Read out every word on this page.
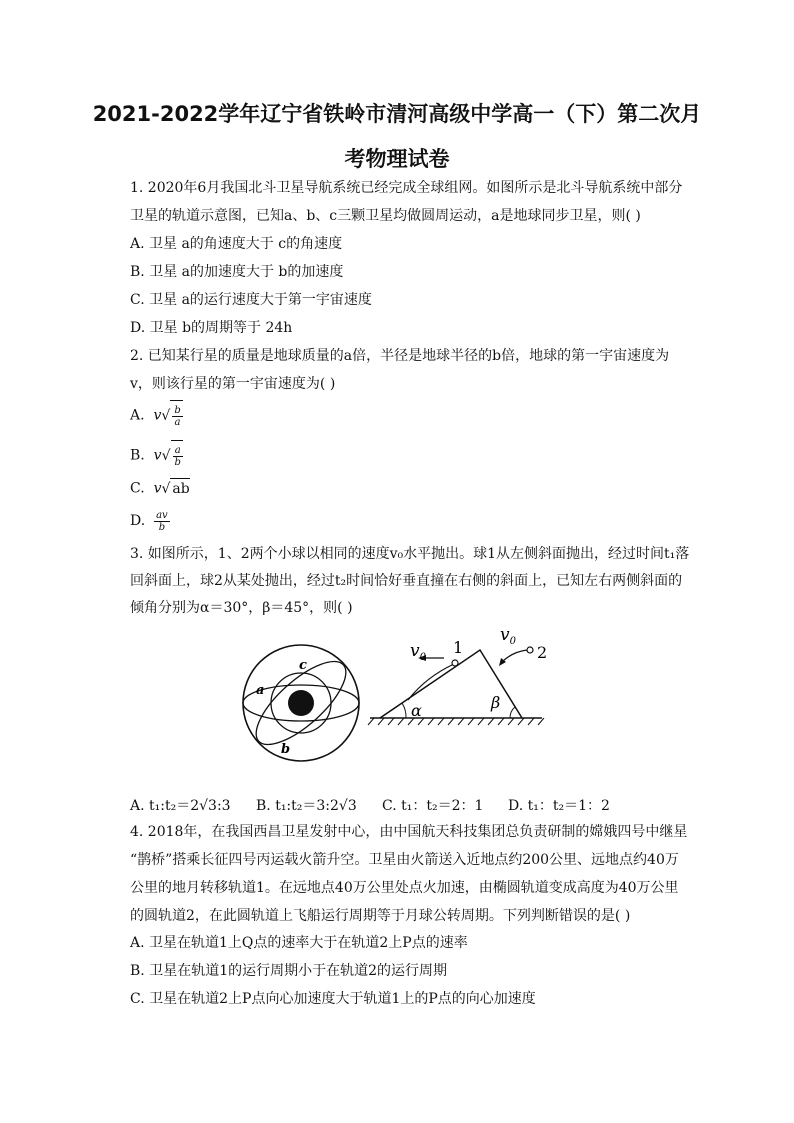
2021-2022学年辽宁省铁岭市清河高级中学高一（下）第二次月
考物理试卷
1. 2020年6月我国北斗卫星导航系统已经完成全球组网。如图所示是北斗导航系统中部分
卫星的轨道示意图，已知a、b、c三颗卫星均做圆周运动，a是地球同步卫星，则( )
A. 卫星 a的角速度大于 c的角速度
B. 卫星 a的加速度大于 b的加速度
C. 卫星 a的运行速度大于第一宇宙速度
D. 卫星 b的周期等于 24h
2. 已知某行星的质量是地球质量的a倍，半径是地球半径的b倍，地球的第一宇宙速度为
v，则该行星的第一宇宙速度为( )
A. $v√ \frac{b}{a}$
B. $v√ \frac{a}{b}$
C. v√ ab
D. $\frac{av}{b}$
3. 如图所示，1、2两个小球以相同的速度v₀水平抛出。球1从左侧斜面抛出，经过时间t₁落
回斜面上，球2从某处抛出，经过t₂时间恰好垂直撞在右侧的斜面上，已知左右两侧斜面的
倾角分别为α＝30°，β＝45°，则( )
a
b
c
$v_0$
1
$v_0$
2
α	β
A. t₁:t₂＝2√3:3 B. t₁:t₂＝3:2√3 C. t₁：t₂＝2：1 D. t₁：t₂＝1：2
4. 2018年，在我国西昌卫星发射中心，由中国航天科技集团总负责研制的嫦娥四号中继星
“鹊桥”搭乘长征四号丙运载火箭升空。卫星由火箭送入近地点约200公里、远地点约40万
公里的地月转移轨道1。在远地点40万公里处点火加速，由椭圆轨道变成高度为40万公里
的圆轨道2，在此圆轨道上飞船运行周期等于月球公转周期。下列判断错误的是( )
A. 卫星在轨道1上Q点的速率大于在轨道2上P点的速率
B. 卫星在轨道1的运行周期小于在轨道2的运行周期
C. 卫星在轨道2上P点向心加速度大于轨道1上的P点的向心加速度
